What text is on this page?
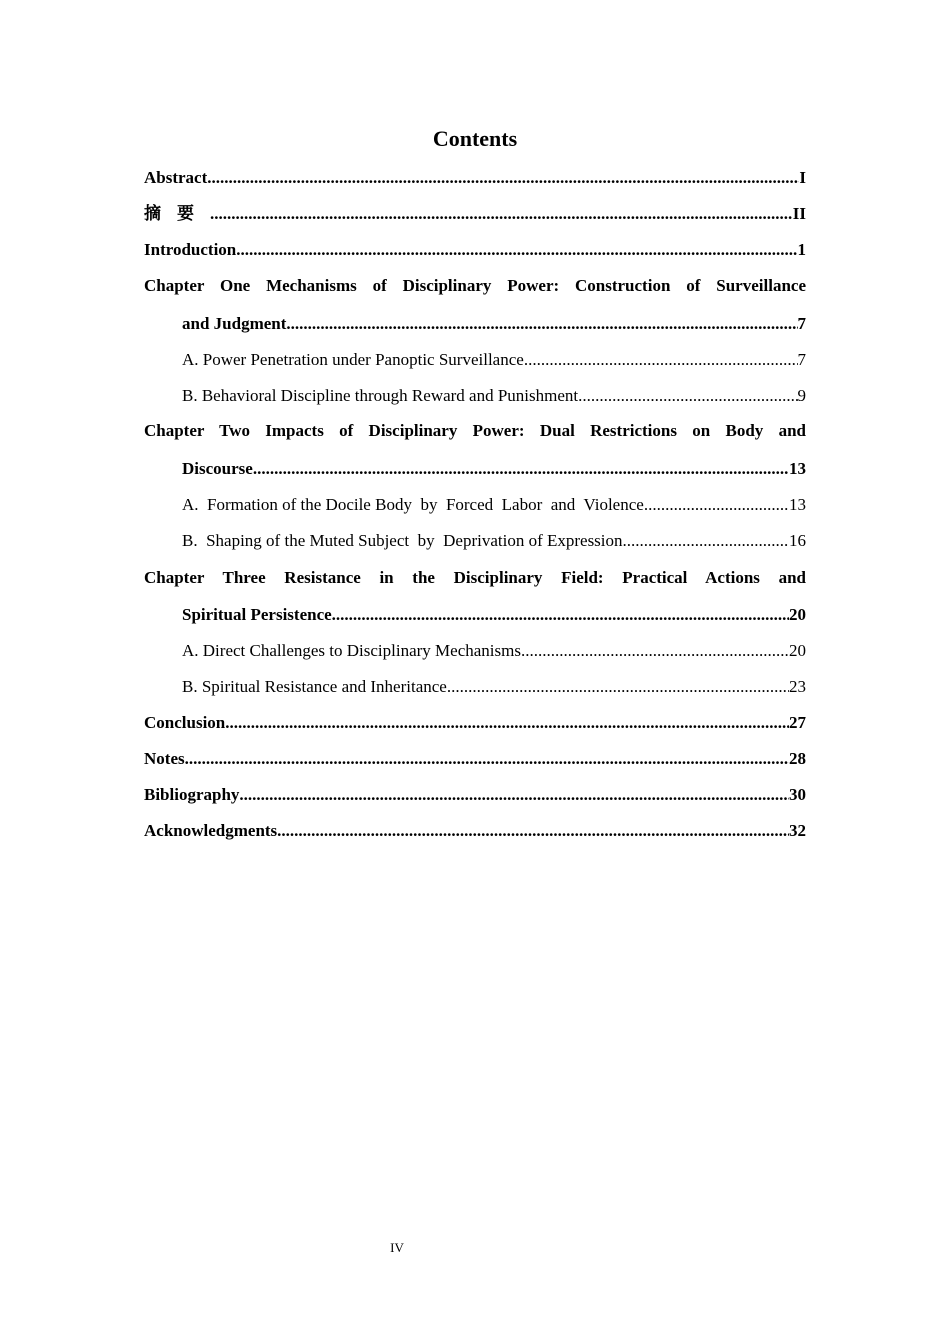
Contents
Abstract .....	I
摘要 .....	II
Introduction .....	1
Chapter One Mechanisms of Disciplinary Power: Construction of Surveillance
and Judgment .....	7
A. Power Penetration under Panoptic Surveillance .....	7
B. Behavioral Discipline through Reward and Punishment .....	9
Chapter Two Impacts of Disciplinary Power: Dual Restrictions on Body and
Discourse .....	13
A.  Formation of the Docile Body  by  Forced  Labor  and  Violence .....	13
B.  Shaping of the Muted Subject  by  Deprivation of Expression .....	16
Chapter Three Resistance in the Disciplinary Field: Practical Actions and
Spiritual Persistence .....	20
A. Direct Challenges to Disciplinary Mechanisms .....	20
B. Spiritual Resistance and Inheritance .....	23
Conclusion .....	27
Notes .....	28
Bibliography .....	30
Acknowledgments .....	32
IV
